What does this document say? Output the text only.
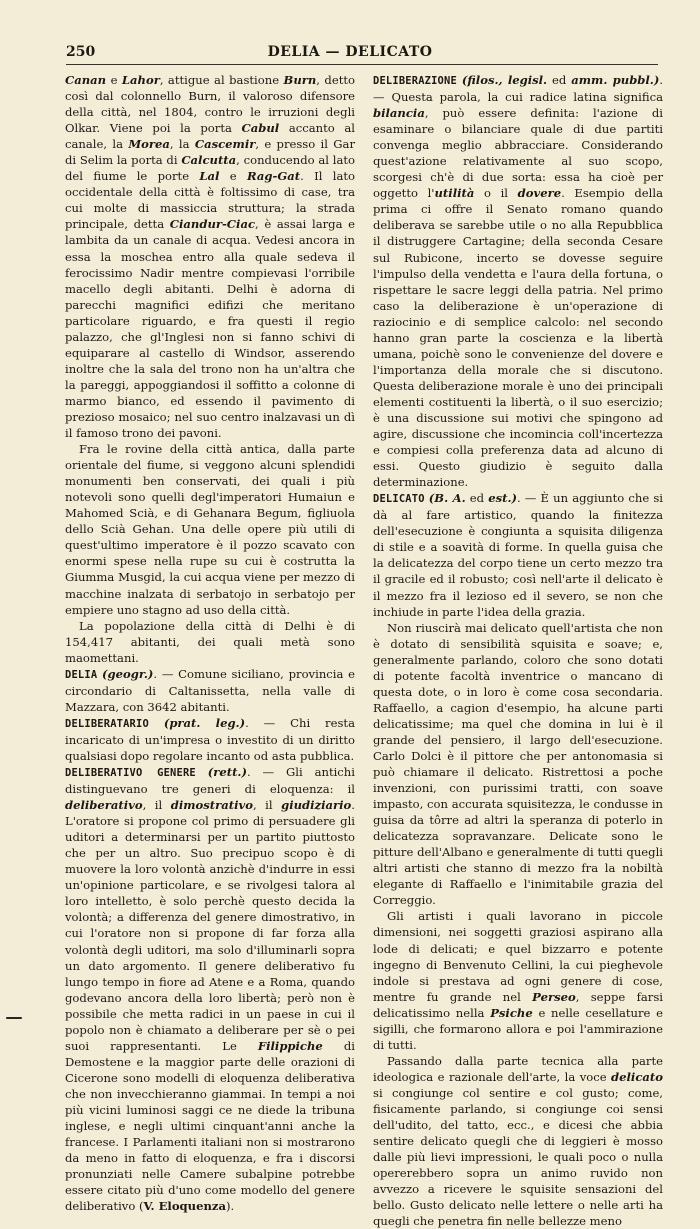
250	DELIA — DELICATO

Canan e Lahor, attigue al bastione Burn, detto così dal colonnello Burn, il valoroso difensore della città, nel 1804, contro le irruzioni degli Olkar. Viene poi la porta Cabul accanto al canale, la Morea, la Cascemir, e presso il Gar di Selim la porta di Calcutta, conducendo al lato del fiume le porte Lal e Rag-Gat. Il lato occidentale della città è foltissimo di case, tra cui molte di massiccia struttura; la strada principale, detta Ciandur-Ciac, è assai larga e lambita da un canale di acqua. Vedesi ancora in essa la moschea entro alla quale sedeva il ferocissimo Nadir mentre compievasi l'orribile macello degli abitanti. Delhi è adorna di parecchi magnifici edifizi che meritano particolare riguardo, e fra questi il regio palazzo, che gl'Inglesi non si fanno schivi di equiparare al castello di Windsor, asserendo inoltre che la sala del trono non ha un'altra che la pareggi, appoggiandosi il soffitto a colonne di marmo bianco, ed essendo il pavimento di prezioso mosaico; nel suo centro inalzavasi un dì il famoso trono dei pavoni.

Fra le rovine della città antica, dalla parte orientale del fiume, si veggono alcuni splendidi monumenti ben conservati, dei quali i più notevoli sono quelli degl'imperatori Humaiun e Mahomed Scià, e di Gehanara Begum, figliuola dello Scià Gehan. Una delle opere più utili di quest'ultimo imperatore è il pozzo scavato con enormi spese nella rupe su cui è costrutta la Giumma Musgid, la cui acqua viene per mezzo di macchine inalzata di serbatojo in serbatojo per empiere uno stagno ad uso della città.

La popolazione della città di Delhi è di 154,417 abitanti, dei quali metà sono maomettani.

DELIA (geogr.). — Comune siciliano, provincia e circondario di Caltanissetta, nella valle di Mazzara, con 3642 abitanti.

DELIBERATARIO (prat. leg.). — Chi resta incaricato di un'impresa o investito di un diritto qualsiasi dopo regolare incanto od asta pubblica.

DELIBERATIVO GENERE (rett.). — Gli antichi distinguevano tre generi di eloquenza: il deliberativo, il dimostrativo, il giudiziario. L'oratore si propone col primo di persuadere gli uditori a determinarsi per un partito piuttosto che per un altro. Suo precipuo scopo è di muovere la loro volontà anzichè d'indurre in essi un'opinione particolare, e se rivolgesi talora al loro intelletto, è solo perchè questo decida la volontà; a differenza del genere dimostrativo, in cui l'oratore non si propone di far forza alla volontà degli uditori, ma solo d'illuminarli sopra un dato argomento. Il genere deliberativo fu lungo tempo in fiore ad Atene e a Roma, quando godevano ancora della loro libertà; però non è possibile che metta radici in un paese in cui il popolo non è chiamato a deliberare per sè o pei suoi rappresentanti. Le Filippiche di Demostene e la maggior parte delle orazioni di Cicerone sono modelli di eloquenza deliberativa che non invecchieranno giammai. In tempi a noi più vicini luminosi saggi ce ne diede la tribuna inglese, e negli ultimi cinquant'anni anche la francese. I Parlamenti italiani non si mostrarono da meno in fatto di eloquenza, e fra i discorsi pronunziati nelle Camere subalpine potrebbe essere citato più d'uno come modello del genere deliberativo (V. Eloquenza).

DELIBERAZIONE (filos., legisl. ed amm. pubbl.). — Questa parola, la cui radice latina significa bilancia, può essere definita: l'azione di esaminare o bilanciare quale di due partiti convenga meglio abbracciare. Considerando quest'azione relativamente al suo scopo, scorgesi ch'è di due sorta: essa ha cioè per oggetto l'utilità o il dovere. Esempio della prima ci offre il Senato romano quando deliberava se sarebbe utile o no alla Repubblica il distruggere Cartagine; della seconda Cesare sul Rubicone, incerto se dovesse seguire l'impulso della vendetta e l'aura della fortuna, o rispettare le sacre leggi della patria. Nel primo caso la deliberazione è un'operazione di raziocinio e di semplice calcolo: nel secondo hanno gran parte la coscienza e la libertà umana, poichè sono le convenienze del dovere e l'importanza della morale che si discutono. Questa deliberazione morale è uno dei principali elementi costituenti la libertà, o il suo esercizio; è una discussione sui motivi che spingono ad agire, discussione che incomincia coll'incertezza e compiesi colla preferenza data ad alcuno di essi. Questo giudizio è seguito dalla determinazione.

DELICATO (B. A. ed est.). — È un aggiunto che si dà al fare artistico, quando la finitezza dell'esecuzione è congiunta a squisita diligenza di stile e a soavità di forme. In quella guisa che la delicatezza del corpo tiene un certo mezzo tra il gracile ed il robusto; così nell'arte il delicato è il mezzo fra il lezioso ed il severo, se non che inchiude in parte l'idea della grazia.

Non riuscirà mai delicato quell'artista che non è dotato di sensibilità squisita e soave; e, generalmente parlando, coloro che sono dotati di potente facoltà inventrice o mancano di questa dote, o in loro è come cosa secondaria. Raffaello, a cagion d'esempio, ha alcune parti delicatissime; ma quel che domina in lui è il grande del pensiero, il largo dell'esecuzione. Carlo Dolci è il pittore che per antonomasia si può chiamare il delicato. Ristrettosi a poche invenzioni, con purissimi tratti, con soave impasto, con accurata squisitezza, le condusse in guisa da tôrre ad altri la speranza di poterlo in delicatezza sopravanzare. Delicate sono le pitture dell'Albano e generalmente di tutti quegli altri artisti che stanno di mezzo fra la nobiltà elegante di Raffaello e l'inimitabile grazia del Correggio.

Gli artisti i quali lavorano in piccole dimensioni, nei soggetti graziosi aspirano alla lode di delicati; e quel bizzarro e potente ingegno di Benvenuto Cellini, la cui pieghevole indole si prestava ad ogni genere di cose, mentre fu grande nel Perseo, seppe farsi delicatissimo nella Psiche e nelle cesellature e sigilli, che formarono allora e poi l'ammirazione di tutti.

Passando dalla parte tecnica alla parte ideologica e razionale dell'arte, la voce delicato si congiunge col sentire e col gusto; come, fisicamente parlando, si congiunge coi sensi dell'udito, del tatto, ecc., e dicesi che abbia sentire delicato quegli che di leggieri è mosso dalle più lievi impressioni, le quali poco o nulla opererebbero sopra un animo ruvido non avvezzo a ricevere le squisite sensazioni del bello. Gusto delicato nelle lettere o nelle arti ha quegli che penetra fin nelle bellezze meno
